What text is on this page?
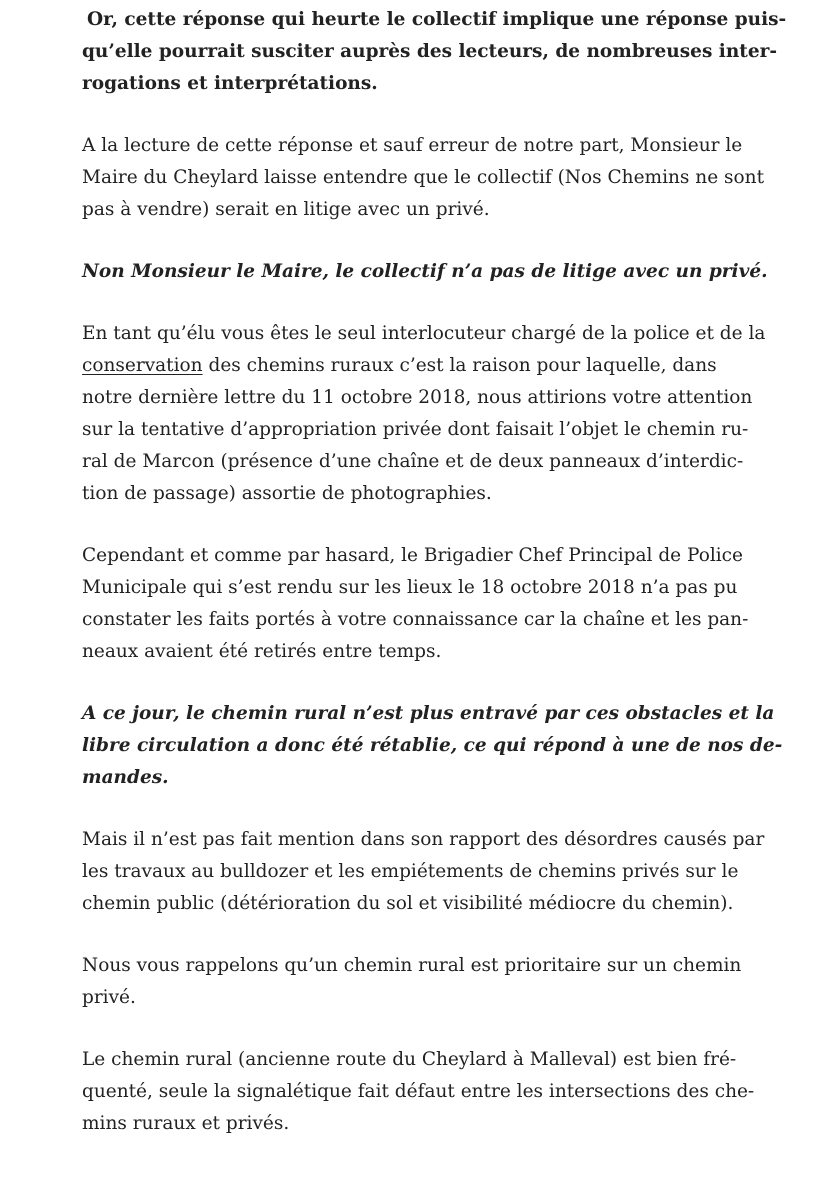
Or, cette réponse qui heurte le collectif implique une réponse puis-
qu’elle pourrait susciter auprès des lecteurs, de nombreuses inter-
rogations et interprétations.

A la lecture de cette réponse et sauf erreur de notre part, Monsieur le
Maire du Cheylard laisse entendre que le collectif (Nos Chemins ne sont
pas à vendre) serait en litige avec un privé.

Non Monsieur le Maire, le collectif n’a pas de litige avec un privé.

En tant qu’élu vous êtes le seul interlocuteur chargé de la police et de la
conservation des chemins ruraux c’est la raison pour laquelle, dans
notre dernière lettre du 11 octobre 2018, nous attirions votre attention
sur la tentative d’appropriation privée dont faisait l’objet le chemin ru-
ral de Marcon (présence d’une chaîne et de deux panneaux d’interdic-
tion de passage) assortie de photographies.

Cependant et comme par hasard, le Brigadier Chef Principal de Police
Municipale qui s’est rendu sur les lieux le 18 octobre 2018 n’a pas pu
constater les faits portés à votre connaissance car la chaîne et les pan-
neaux avaient été retirés entre temps.

A ce jour, le chemin rural n’est plus entravé par ces obstacles et la
libre circulation a donc été rétablie, ce qui répond à une de nos de-
mandes.

Mais il n’est pas fait mention dans son rapport des désordres causés par
les travaux au bulldozer et les empiétements de chemins privés sur le
chemin public (détérioration du sol et visibilité médiocre du chemin).

Nous vous rappelons qu’un chemin rural est prioritaire sur un chemin
privé.

Le chemin rural (ancienne route du Cheylard à Malleval) est bien fré-
quenté, seule la signalétique fait défaut entre les intersections des che-
mins ruraux et privés.
